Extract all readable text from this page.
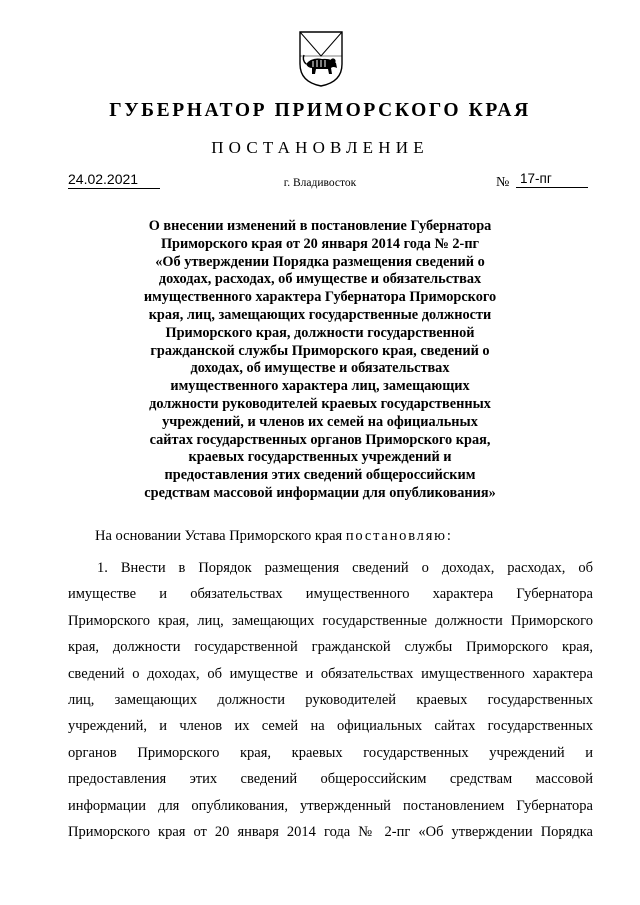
ГУБЕРНАТОР ПРИМОРСКОГО КРАЯ
ПОСТАНОВЛЕНИЕ
24.02.2021	г. Владивосток	№ 17-пг
О внесении изменений в постановление Губернатора
Приморского края от 20 января 2014 года № 2-пг
«Об утверждении Порядка размещения сведений о
доходах, расходах, об имуществе и обязательствах
имущественного характера Губернатора Приморского
края, лиц, замещающих государственные должности
Приморского края, должности государственной
гражданской службы Приморского края, сведений о
доходах, об имуществе и обязательствах
имущественного характера лиц, замещающих
должности руководителей краевых государственных
учреждений, и членов их семей на официальных
сайтах государственных органов Приморского края,
краевых государственных учреждений и
предоставления этих сведений общероссийским
средствам массовой информации для опубликования»
На основании Устава Приморского края постановляю:
1. Внести в Порядок размещения сведений о доходах, расходах, об
имуществе и обязательствах имущественного характера Губернатора
Приморского края, лиц, замещающих государственные должности Приморского
края, должности государственной гражданской службы Приморского края,
сведений о доходах, об имуществе и обязательствах имущественного характера
лиц, замещающих должности руководителей краевых государственных
учреждений, и членов их семей на официальных сайтах государственных
органов Приморского края, краевых государственных учреждений и
предоставления этих сведений общероссийским средствам массовой
информации для опубликования, утвержденный постановлением Губернатора
Приморского края от 20 января 2014 года № 2-пг «Об утверждении Порядка
